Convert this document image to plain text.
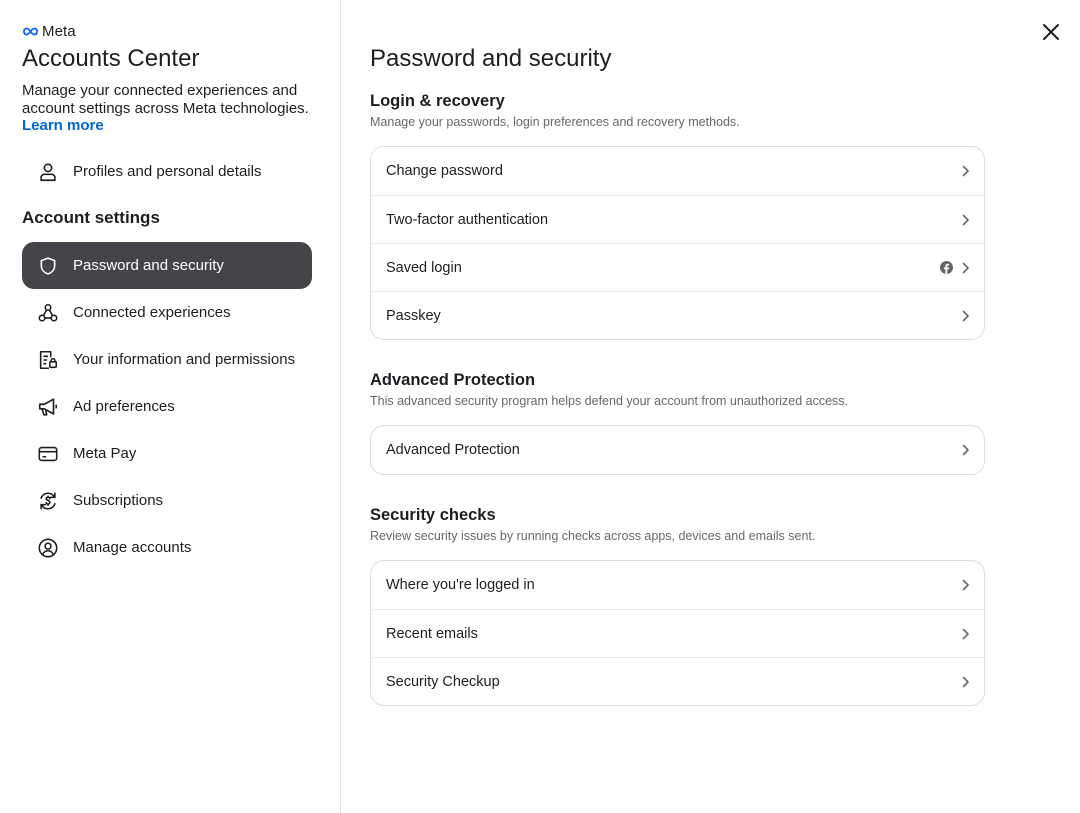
Meta
Accounts Center

Manage your connected experiences and account settings across Meta technologies.

Learn more
Profiles and personal details
Account settings
Password and security
Connected experiences
Your information and permissions
Ad preferences
Meta Pay
Subscriptions
Manage accounts
Password and security
Login & recovery

Manage your passwords, login preferences and recovery methods.

Change password
Two-factor authentication
Saved login
Passkey
Advanced Protection

This advanced security program helps defend your account from unauthorized access.

Advanced Protection
Security checks

Review security issues by running checks across apps, devices and emails sent.

Where you're logged in
Recent emails
Security Checkup
